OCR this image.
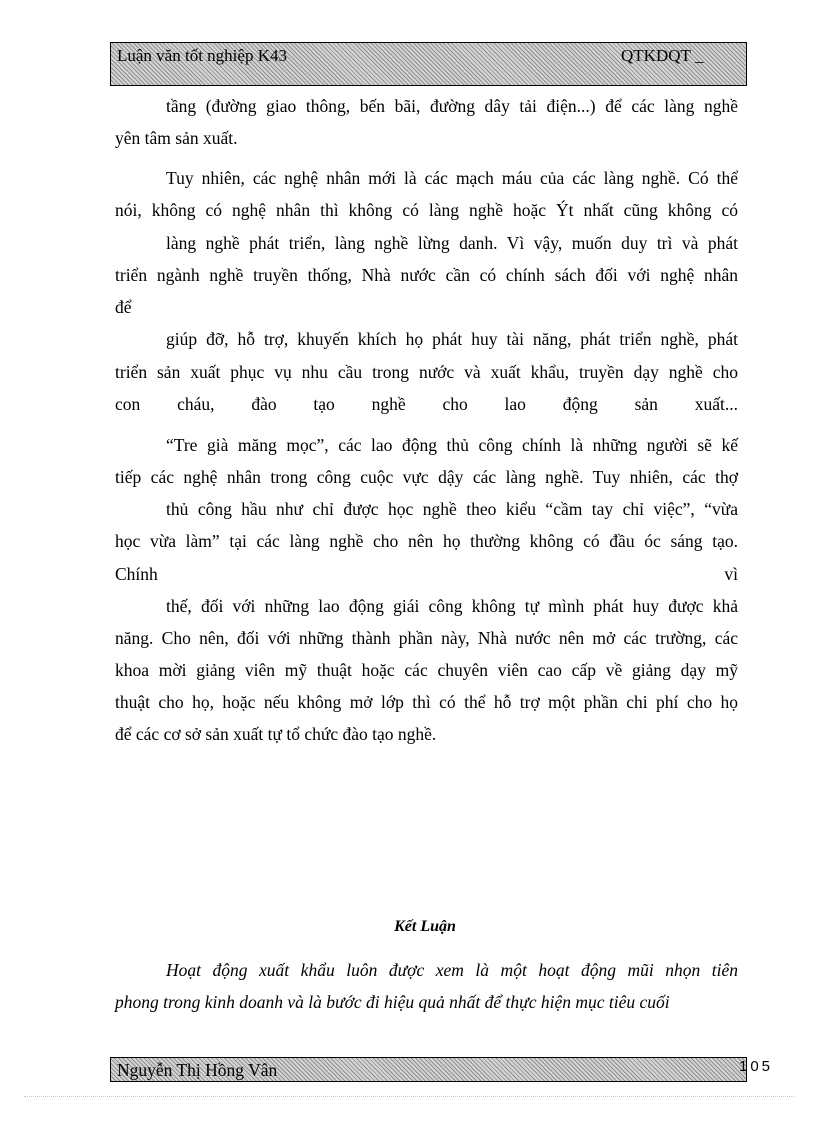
Luận văn tốt nghiệp K43	QTKDQT _
tầng (đường giao thông, bến bãi, đường dây tải điện...) để các làng nghề
yên tâm sản xuất.
Tuy nhiên, các nghệ nhân mới là các mạch máu của các làng nghề. Có thể
nói, không có nghệ nhân thì không có làng nghề hoặc Ýt nhất cũng không có
làng nghề phát triển, làng nghề lừng danh. Vì vậy, muốn duy trì và phát
triển ngành nghề truyền thống, Nhà nước cần có chính sách đối với nghệ nhân
để
giúp đỡ, hỗ trợ, khuyến khích họ phát huy tài năng, phát triển nghề, phát
triển sản xuất phục vụ nhu cầu trong nước và xuất khẩu, truyền dạy nghề cho
con cháu, đào tạo nghề cho lao động sản xuất...
“Tre già măng mọc”, các lao động thủ công chính là những người sẽ kế
tiếp các nghệ nhân trong công cuộc vực dậy các làng nghề. Tuy nhiên, các thợ
thủ công hầu như chỉ được học nghề theo kiểu “cầm tay chỉ việc”, “vừa
học vừa làm” tại các làng nghề cho nên họ thường không có đầu óc sáng tạo.
Chính vì
thế, đối với những lao động giái công không tự mình phát huy được khả
năng. Cho nên, đối với những thành phần này, Nhà nước nên mở các trường, các
khoa mời giảng viên mỹ thuật hoặc các chuyên viên cao cấp về giảng dạy mỹ
thuật cho họ, hoặc nếu không mở lớp thì có thể hỗ trợ một phần chi phí cho họ
để các cơ sở sản xuất tự tổ chức đào tạo nghề.
Kết Luận
Hoạt động xuất khẩu luôn được xem là một hoạt động mũi nhọn tiên
phong trong kinh doanh và là bước đi hiệu quả nhất để thực hiện mục tiêu cuối
Nguyễn Thị Hồng Vân	105
